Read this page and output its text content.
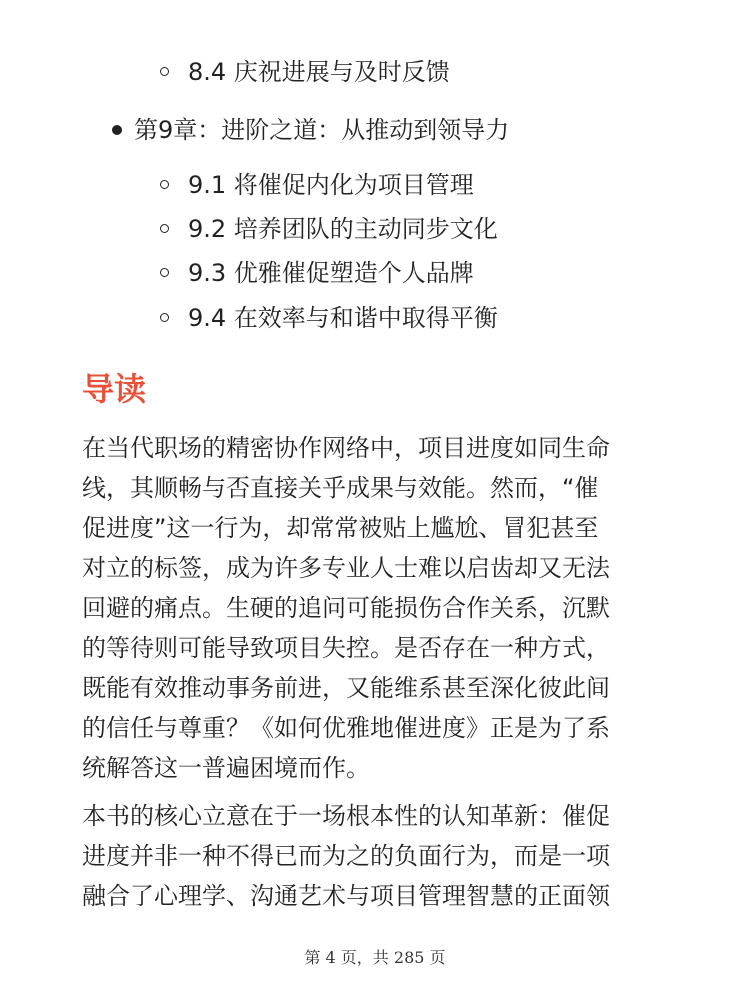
8.4 庆祝进展与及时反馈
第9章：进阶之道：从推动到领导力
9.1 将催促内化为项目管理
9.2 培养团队的主动同步文化
9.3 优雅催促塑造个人品牌
9.4 在效率与和谐中取得平衡
导读
在当代职场的精密协作网络中，项目进度如同生命
线，其顺畅与否直接关乎成果与效能。然而，“催
促进度”这一行为，却常常被贴上尴尬、冒犯甚至
对立的标签，成为许多专业人士难以启齿却又无法
回避的痛点。生硬的追问可能损伤合作关系，沉默
的等待则可能导致项目失控。是否存在一种方式，
既能有效推动事务前进，又能维系甚至深化彼此间
的信任与尊重？《如何优雅地催进度》正是为了系
统解答这一普遍困境而作。
本书的核心立意在于一场根本性的认知革新：催促
进度并非一种不得已而为之的负面行为，而是一项
融合了心理学、沟通艺术与项目管理智慧的正面领
第 4 页，共 285 页
